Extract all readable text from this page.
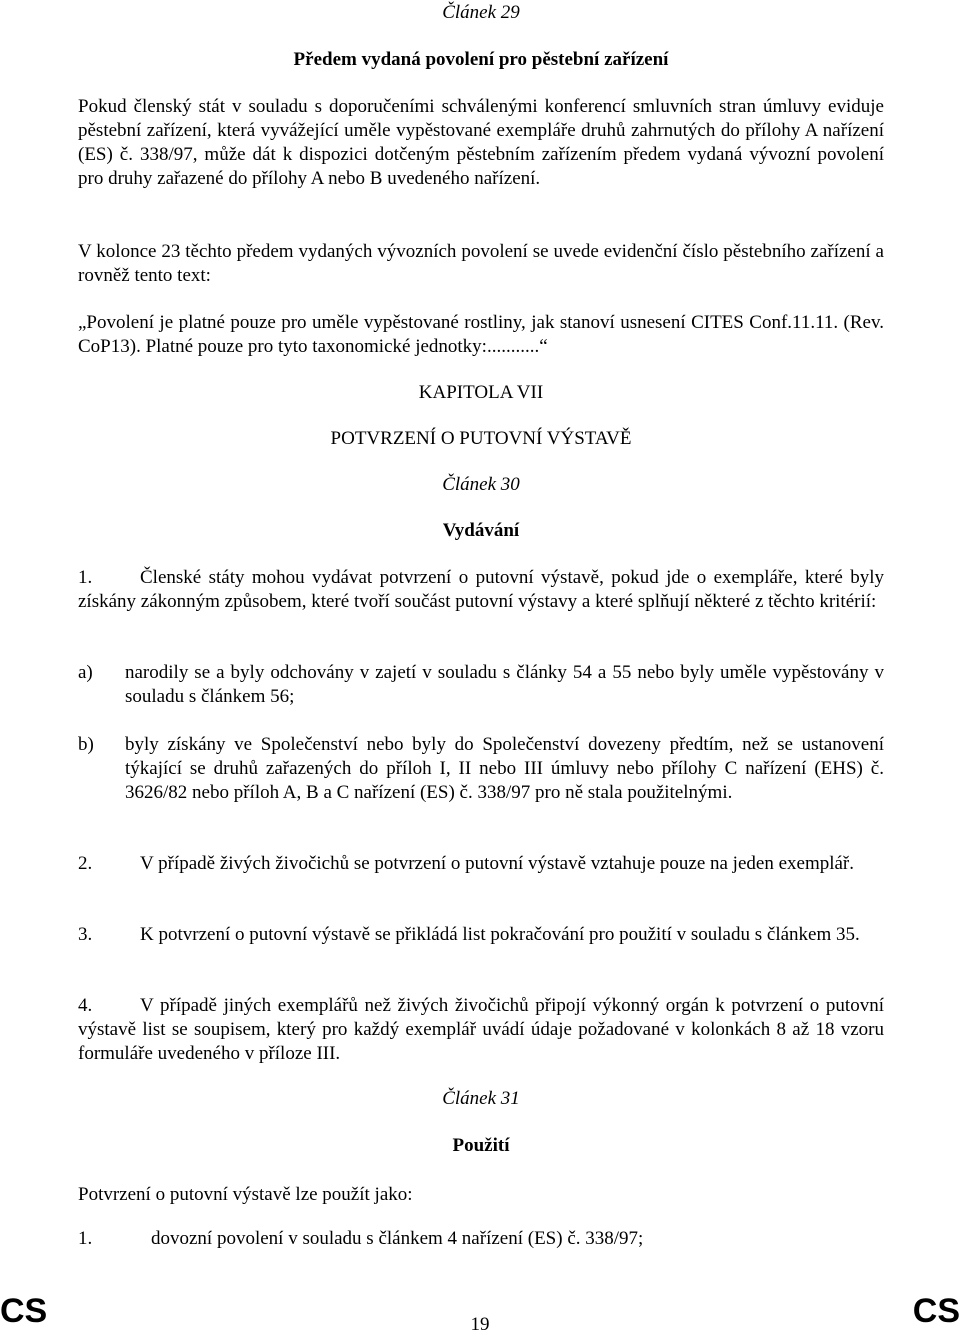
Článek 29
Předem vydaná povolení pro pěstební zařízení
Pokud členský stát v souladu s doporučeními schválenými konferencí smluvních stran úmluvy eviduje pěstební zařízení, která vyvážející uměle vypěstované exempláře druhů zahrnutých do přílohy A nařízení (ES) č. 338/97, může dát k dispozici dotčeným pěstebním zařízením předem vydaná vývozní povolení pro druhy zařazené do přílohy A nebo B uvedeného nařízení.
V kolonce 23 těchto předem vydaných vývozních povolení se uvede evidenční číslo pěstebního zařízení a rovněž tento text:
„Povolení je platné pouze pro uměle vypěstované rostliny, jak stanoví usnesení CITES Conf.11.11. (Rev. CoP13). Platné pouze pro tyto taxonomické jednotky:...........“
KAPITOLA VII
POTVRZENÍ O PUTOVNÍ VÝSTAVĚ
Článek 30
Vydávání
1.	Členské státy mohou vydávat potvrzení o putovní výstavě, pokud jde o exempláře, které byly získány zákonným způsobem, které tvoří součást putovní výstavy a které splňují některé z těchto kritérií:
a) narodily se a byly odchovány v zajetí v souladu s články 54 a 55 nebo byly uměle vypěstovány v souladu s článkem 56;
b) byly získány ve Společenství nebo byly do Společenství dovezeny předtím, než se ustanovení týkající se druhů zařazených do příloh I, II nebo III úmluvy nebo přílohy C nařízení (EHS) č. 3626/82 nebo příloh A, B a C nařízení (ES) č. 338/97 pro ně stala použitelnými.
2.	V případě živých živočichů se potvrzení o putovní výstavě vztahuje pouze na jeden exemplář.
3.	K potvrzení o putovní výstavě se přikládá list pokračování pro použití v souladu s článkem 35.
4.	V případě jiných exemplářů než živých živočichů připojí výkonný orgán k potvrzení o putovní výstavě list se soupisem, který pro každý exemplář uvádí údaje požadované v kolonkách 8 až 18 vzoru formuláře uvedeného v příloze III.
Článek 31
Použití
Potvrzení o putovní výstavě lze použít jako:
1.	dovozní povolení v souladu s článkem 4 nařízení (ES) č. 338/97;
CS	CS
19
